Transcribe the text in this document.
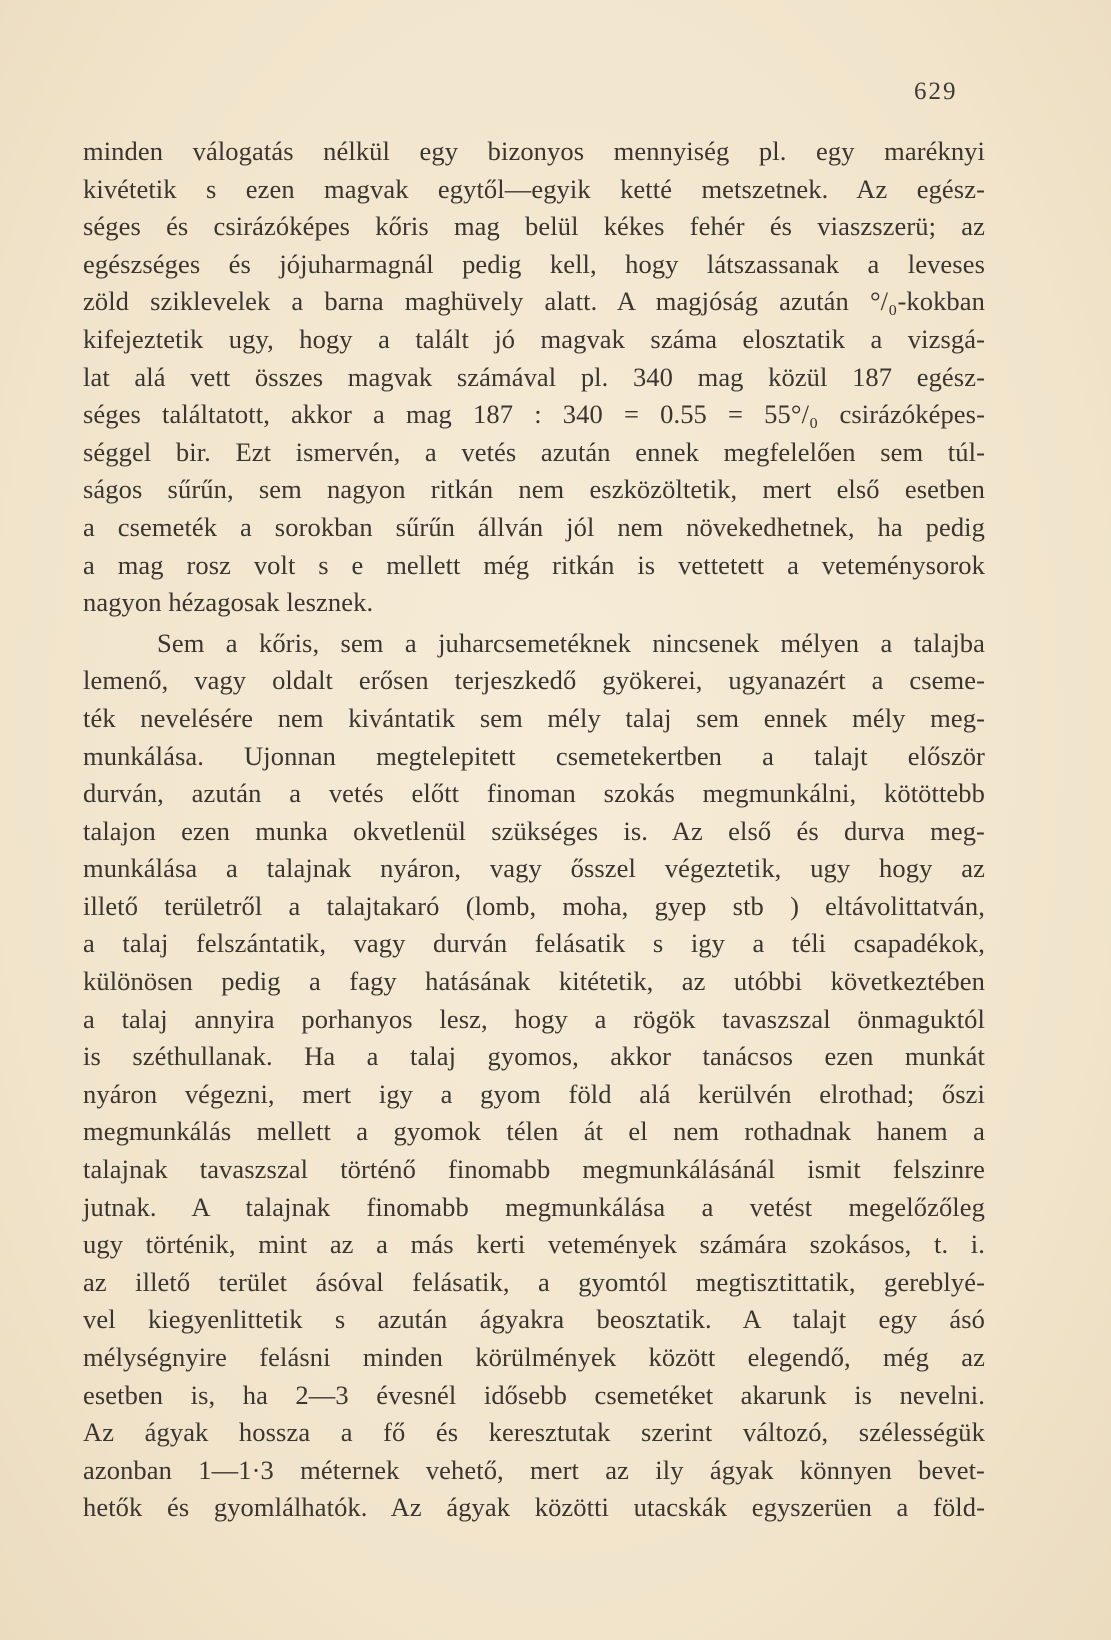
629
minden válogatás nélkül egy bizonyos mennyiség pl. egy maréknyi
kivétetik s ezen magvak egytől—egyik ketté metszetnek. Az egész-
séges és csirázóképes kőris mag belül kékes fehér és viaszszerü; az
egészséges és jójuharmagnál pedig kell, hogy látszassanak a leveses
zöld sziklevelek a barna maghüvely alatt. A magjóság azután °/₀-kokban
kifejeztetik ugy, hogy a talált jó magvak száma elosztatik a vizsgá-
lat alá vett összes magvak számával pl. 340 mag közül 187 egész-
séges találtatott, akkor a mag 187 : 340 = 0.55 = 55°/₀ csirázóképes-
séggel bir. Ezt ismervén, a vetés azután ennek megfelelően sem túl-
ságos sűrűn, sem nagyon ritkán nem eszközöltetik, mert első esetben
a csemeték a sorokban sűrűn állván jól nem növekedhetnek, ha pedig
a mag rosz volt s e mellett még ritkán is vettetett a veteménysorok
nagyon hézagosak lesznek.
Sem a kőris, sem a juharcsemetéknek nincsenek mélyen a talajba
lemenő, vagy oldalt erősen terjeszkedő gyökerei, ugyanazért a cseme-
ték nevelésére nem kivántatik sem mély talaj sem ennek mély meg-
munkálása. Ujonnan megtelepitett csemetekertben a talajt először
durván, azután a vetés előtt finoman szokás megmunkálni, kötöttebb
talajon ezen munka okvetlenül szükséges is. Az első és durva meg-
munkálása a talajnak nyáron, vagy ősszel végeztetik, ugy hogy az
illető területről a talajtakaró (lomb, moha, gyep stb ) eltávolittatván,
a talaj felszántatik, vagy durván felásatik s igy a téli csapadékok,
különösen pedig a fagy hatásának kitétetik, az utóbbi következtében
a talaj annyira porhanyos lesz, hogy a rögök tavaszszal önmaguktól
is széthullanak. Ha a talaj gyomos, akkor tanácsos ezen munkát
nyáron végezni, mert igy a gyom föld alá kerülvén elrothad; őszi
megmunkálás mellett a gyomok télen át el nem rothadnak hanem a
talajnak tavaszszal történő finomabb megmunkálásánál ismit felszinre
jutnak. A talajnak finomabb megmunkálása a vetést megelőzőleg
ugy történik, mint az a más kerti vetemények számára szokásos, t. i.
az illető terület ásóval felásatik, a gyomtól megtisztittatik, gereblyé-
vel kiegyenlittetik s azután ágyakra beosztatik. A talajt egy ásó
mélységnyire felásni minden körülmények között elegendő, még az
esetben is, ha 2—3 évesnél idősebb csemetéket akarunk is nevelni.
Az ágyak hossza a fő és keresztutak szerint változó, szélességük
azonban 1—1·3 méternek vehető, mert az ily ágyak könnyen bevet-
hetők és gyomlálhatók. Az ágyak közötti utacskák egyszerüen a föld-
